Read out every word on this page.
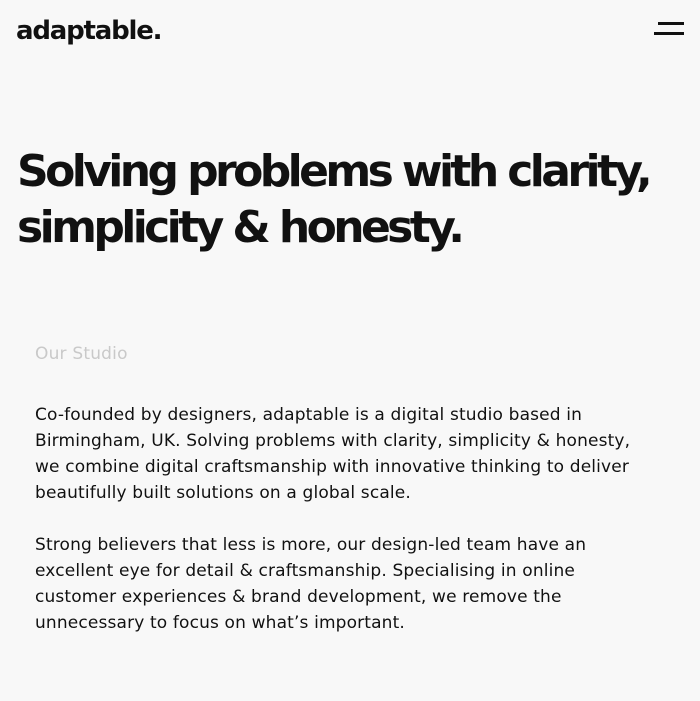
adaptable.
Solving problems with clarity,
simplicity & honesty.
Our Studio

Co-founded by designers, adaptable is a digital studio based in
Birmingham, UK. Solving problems with clarity, simplicity & honesty,
we combine digital craftsmanship with innovative thinking to deliver
beautifully built solutions on a global scale.

Strong believers that less is more, our design-led team have an
excellent eye for detail & craftsmanship. Specialising in online
customer experiences & brand development, we remove the
unnecessary to focus on what’s important.
